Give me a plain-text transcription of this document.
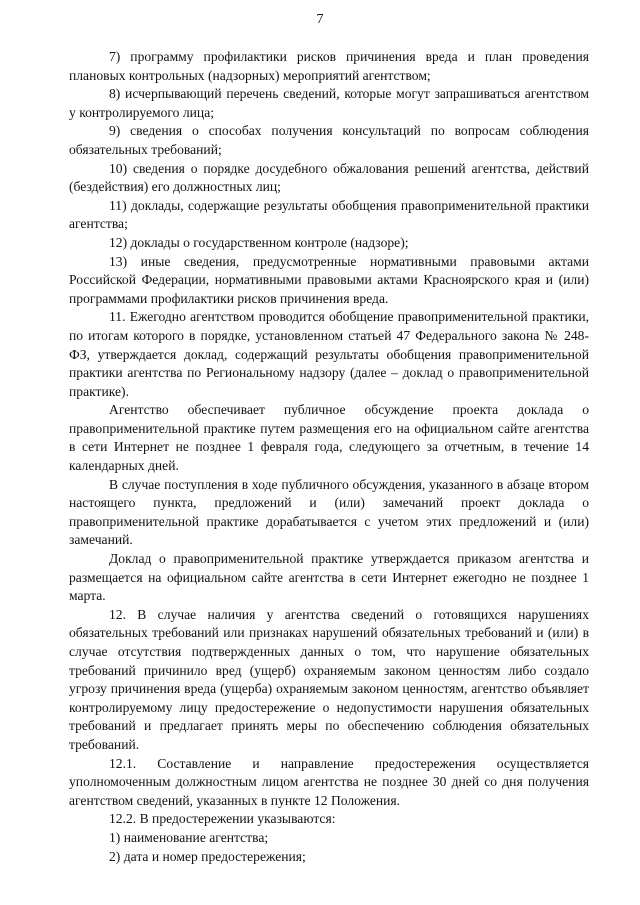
7

7) программу профилактики рисков причинения вреда и план проведения плановых контрольных (надзорных) мероприятий агентством;

8) исчерпывающий перечень сведений, которые могут запрашиваться агентством у контролируемого лица;

9) сведения о способах получения консультаций по вопросам соблюдения обязательных требований;

10) сведения о порядке досудебного обжалования решений агентства, действий (бездействия) его должностных лиц;

11) доклады, содержащие результаты обобщения правоприменительной практики агентства;

12) доклады о государственном контроле (надзоре);

13) иные сведения, предусмотренные нормативными правовыми актами Российской Федерации, нормативными правовыми актами Красноярского края и (или) программами профилактики рисков причинения вреда.

11. Ежегодно агентством проводится обобщение правоприменительной практики, по итогам которого в порядке, установленном статьей 47 Федерального закона № 248-ФЗ, утверждается доклад, содержащий результаты обобщения правоприменительной практики агентства по Региональному надзору (далее – доклад о правоприменительной практике).

Агентство обеспечивает публичное обсуждение проекта доклада о правоприменительной практике путем размещения его на официальном сайте агентства в сети Интернет не позднее 1 февраля года, следующего за отчетным, в течение 14 календарных дней.

В случае поступления в ходе публичного обсуждения, указанного в абзаце втором настоящего пункта, предложений и (или) замечаний проект доклада о правоприменительной практике дорабатывается с учетом этих предложений и (или) замечаний.

Доклад о правоприменительной практике утверждается приказом агентства и размещается на официальном сайте агентства в сети Интернет ежегодно не позднее 1 марта.

12. В случае наличия у агентства сведений о готовящихся нарушениях обязательных требований или признаках нарушений обязательных требований и (или) в случае отсутствия подтвержденных данных о том, что нарушение обязательных требований причинило вред (ущерб) охраняемым законом ценностям либо создало угрозу причинения вреда (ущерба) охраняемым законом ценностям, агентство объявляет контролируемому лицу предостережение о недопустимости нарушения обязательных требований и предлагает принять меры по обеспечению соблюдения обязательных требований.

12.1. Составление и направление предостережения осуществляется уполномоченным должностным лицом агентства не позднее 30 дней со дня получения агентством сведений, указанных в пункте 12 Положения.

12.2. В предостережении указываются:

1) наименование агентства;

2) дата и номер предостережения;
